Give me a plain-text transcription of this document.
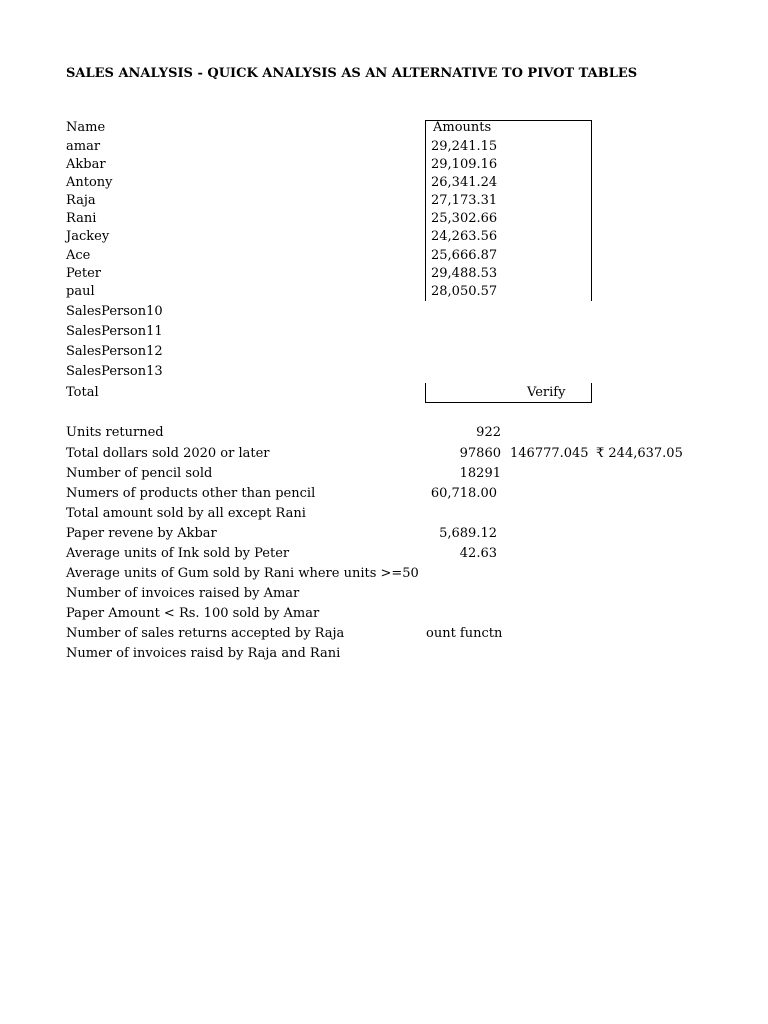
SALES ANALYSIS - QUICK ANALYSIS AS AN ALTERNATIVE TO PIVOT TABLES
Name	Amounts
amar	29,241.15
Akbar	29,109.16
Antony	26,341.24
Raja	27,173.31
Rani	25,302.66
Jackey	24,263.56
Ace	25,666.87
Peter	29,488.53
paul	28,050.57
SalesPerson10
SalesPerson11
SalesPerson12
SalesPerson13
Total	Verify
Units returned	922
Total dollars sold 2020 or later	97860 146777.045 ₹ 244,637.05
Number of pencil sold	18291
Numers of products other than pencil	60,718.00
Total amount sold by all except Rani
Paper revene by Akbar	5,689.12
Average units of Ink sold by Peter	42.63
Average units of Gum sold by Rani where units >=50
Number of invoices raised by Amar
Paper Amount < Rs. 100 sold by Amar
Number of sales returns accepted by Raja	ount functn
Numer of invoices raisd by Raja and Rani
